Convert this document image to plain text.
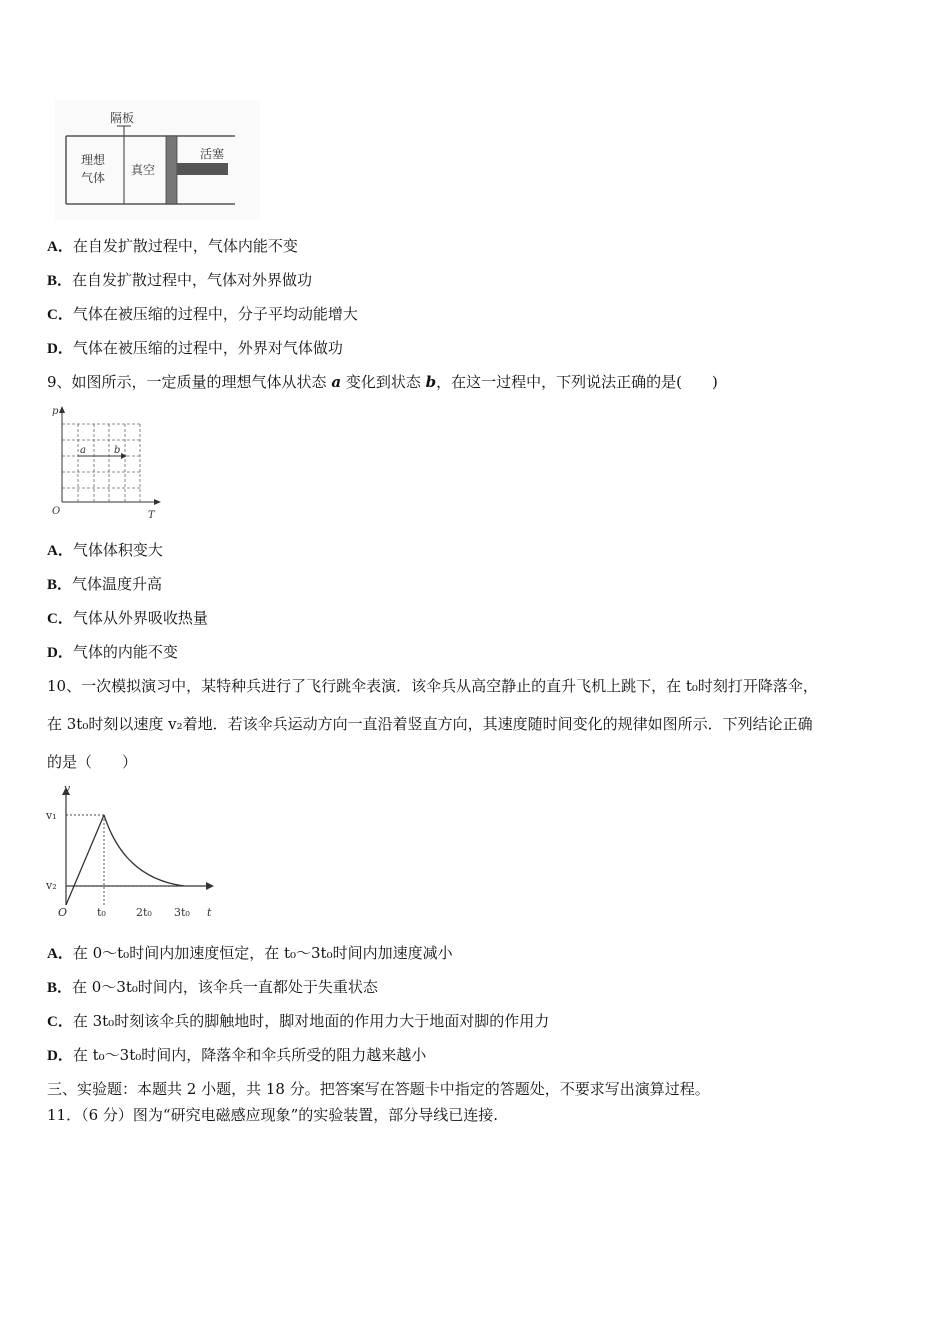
隔板
活塞
理想
气体
真空
A．在自发扩散过程中，气体内能不变
B．在自发扩散过程中，气体对外界做功
C．气体在被压缩的过程中，分子平均动能增大
D．气体在被压缩的过程中，外界对气体做功
9、如图所示，一定质量的理想气体从状态 a 变化到状态 b，在这一过程中，下列说法正确的是(　　)
p
T
O
a	b
A．气体体积变大
B．气体温度升高
C．气体从外界吸收热量
D．气体的内能不变
10、一次模拟演习中，某特种兵进行了飞行跳伞表演．该伞兵从高空静止的直升飞机上跳下，在 t₀时刻打开降落伞，
在 3t₀时刻以速度 v₂着地．若该伞兵运动方向一直沿着竖直方向，其速度随时间变化的规律如图所示．下列结论正确
的是（　　）
v
t
O
v₁
v₂
t₀	2t₀ 3t₀
A．在 0～t₀时间内加速度恒定，在 t₀～3t₀时间内加速度减小
B．在 0～3t₀时间内，该伞兵一直都处于失重状态
C．在 3t₀时刻该伞兵的脚触地时，脚对地面的作用力大于地面对脚的作用力
D．在 t₀～3t₀时间内，降落伞和伞兵所受的阻力越来越小
三、实验题：本题共 2 小题，共 18 分。把答案写在答题卡中指定的答题处，不要求写出演算过程。
11．（6 分）图为“研究电磁感应现象”的实验装置，部分导线已连接.
